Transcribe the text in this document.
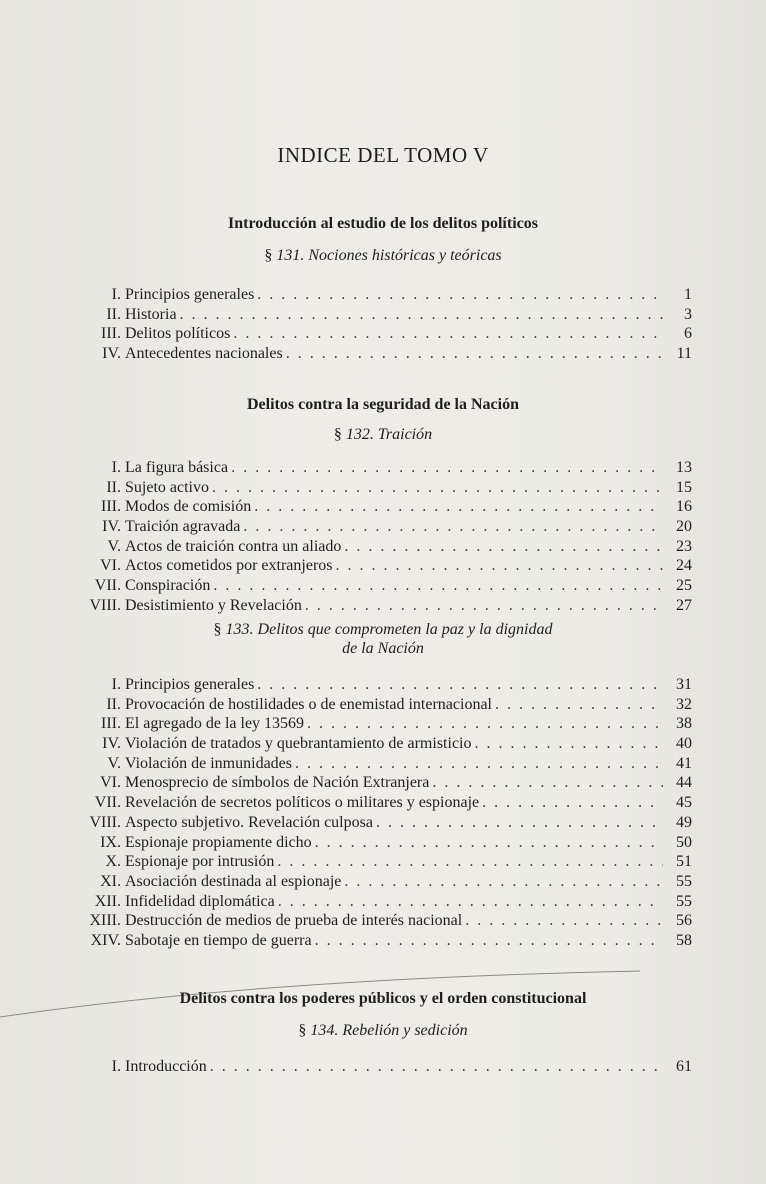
INDICE DEL TOMO V
Introducción al estudio de los delitos políticos
§ 131. Nociones históricas y teóricas
I. Principios generales . . .	1
II. Historia . . .	3
III. Delitos políticos . . .	6
IV. Antecedentes nacionales . . .	11
Delitos contra la seguridad de la Nación
§ 132. Traición
I. La figura básica . . .	13
II. Sujeto activo . . .	15
III. Modos de comisión . . .	16
IV. Traición agravada . . .	20
V. Actos de traición contra un aliado . . .	23
VI. Actos cometidos por extranjeros . . .	24
VII. Conspiración . . .	25
VIII. Desistimiento y Revelación . . .	27
§ 133. Delitos que comprometen la paz y la dignidad
de la Nación
I. Principios generales . . .	31
II. Provocación de hostilidades o de enemistad internacional . . .	32
III. El agregado de la ley 13569 . . .	38
IV. Violación de tratados y quebrantamiento de armisticio . . .	40
V. Violación de inmunidades . . .	41
VI. Menosprecio de símbolos de Nación Extranjera . . .	44
VII. Revelación de secretos políticos o militares y espionaje . . .	45
VIII. Aspecto subjetivo. Revelación culposa . . .	49
IX. Espionaje propiamente dicho . . .	50
X. Espionaje por intrusión . . .	51
XI. Asociación destinada al espionaje . . .	55
XII. Infidelidad diplomática . . .	55
XIII. Destrucción de medios de prueba de interés nacional . . .	56
XIV. Sabotaje en tiempo de guerra . . .	58
Delitos contra los poderes públicos y el orden constitucional
§ 134. Rebelión y sedición
I. Introducción . . .	61
